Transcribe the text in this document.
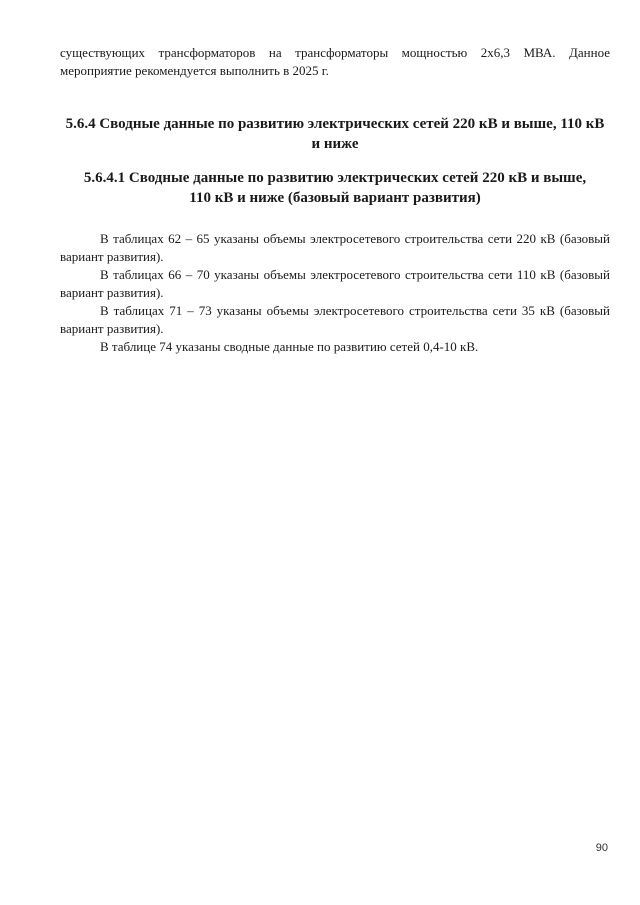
существующих трансформаторов на трансформаторы мощностью 2х6,3 МВА. Данное
мероприятие рекомендуется выполнить в 2025 г.

5.6.4 Сводные данные по развитию электрических сетей 220 кВ и выше, 110 кВ
и ниже
5.6.4.1 Сводные данные по развитию электрических сетей 220 кВ и выше,
110 кВ и ниже (базовый вариант развития)

В таблицах 62 – 65 указаны объемы электросетевого строительства сети 220 кВ (базовый вариант развития).

В таблицах 66 – 70 указаны объемы электросетевого строительства сети 110 кВ (базовый вариант развития).

В таблицах 71 – 73 указаны объемы электросетевого строительства сети 35 кВ (базовый вариант развития).

В таблице 74 указаны сводные данные по развитию сетей 0,4-10 кВ.

90
